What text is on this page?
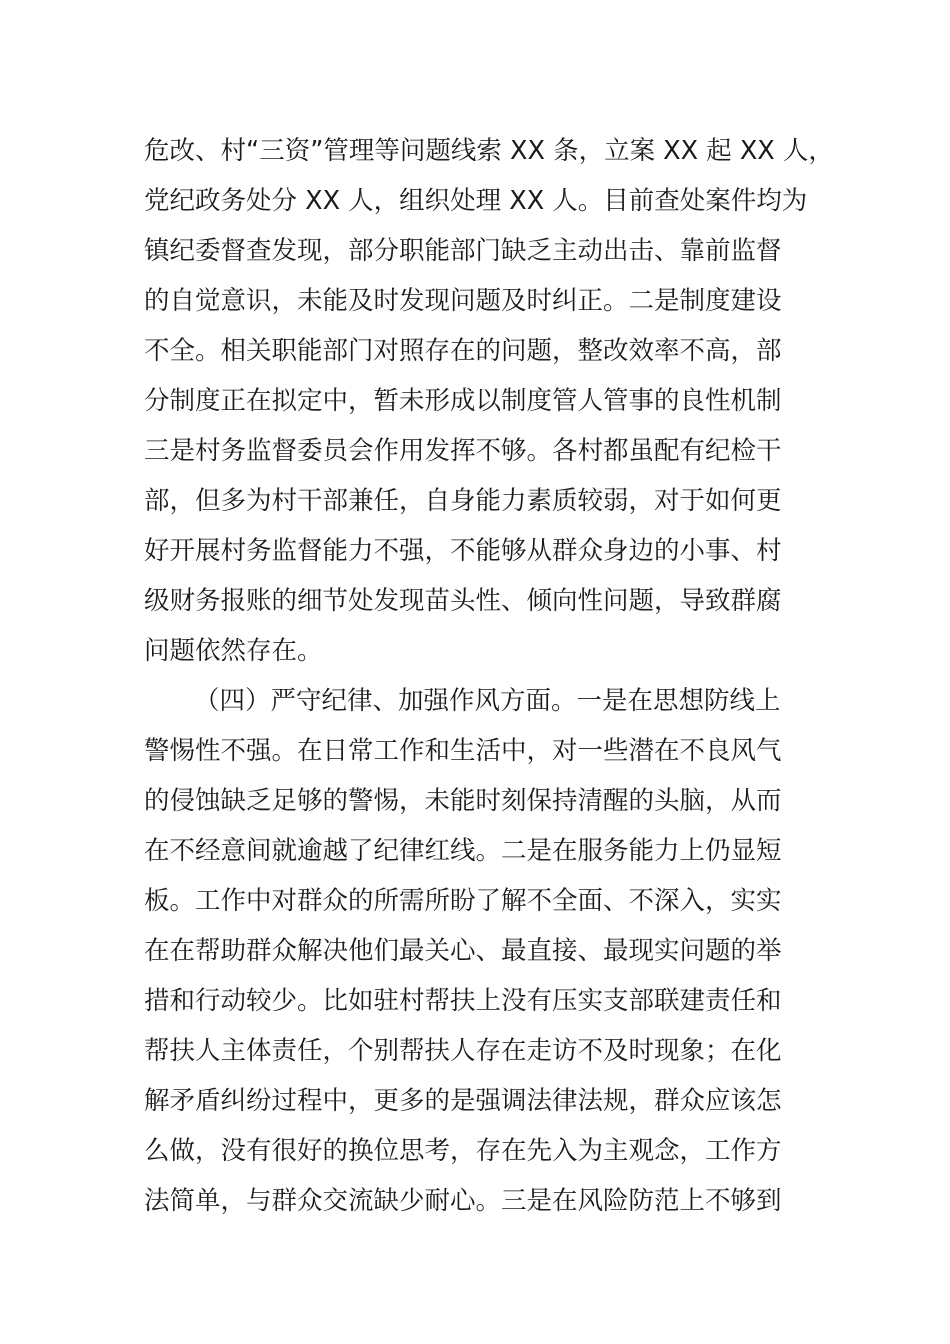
危改、村“三资”管理等问题线索 XX 条，立案 XX 起 XX 人，
党纪政务处分 XX 人，组织处理 XX 人。目前查处案件均为
镇纪委督查发现，部分职能部门缺乏主动出击、靠前监督
的自觉意识，未能及时发现问题及时纠正。二是制度建设
不全。相关职能部门对照存在的问题，整改效率不高，部
分制度正在拟定中，暂未形成以制度管人管事的良性机制
三是村务监督委员会作用发挥不够。各村都虽配有纪检干
部，但多为村干部兼任，自身能力素质较弱，对于如何更
好开展村务监督能力不强，不能够从群众身边的小事、村
级财务报账的细节处发现苗头性、倾向性问题，导致群腐
问题依然存在。
（四）严守纪律、加强作风方面。一是在思想防线上
警惕性不强。在日常工作和生活中，对一些潜在不良风气
的侵蚀缺乏足够的警惕，未能时刻保持清醒的头脑，从而
在不经意间就逾越了纪律红线。二是在服务能力上仍显短
板。工作中对群众的所需所盼了解不全面、不深入，实实
在在帮助群众解决他们最关心、最直接、最现实问题的举
措和行动较少。比如驻村帮扶上没有压实支部联建责任和
帮扶人主体责任，个别帮扶人存在走访不及时现象；在化
解矛盾纠纷过程中，更多的是强调法律法规，群众应该怎
么做，没有很好的换位思考，存在先入为主观念，工作方
法简单，与群众交流缺少耐心。三是在风险防范上不够到
